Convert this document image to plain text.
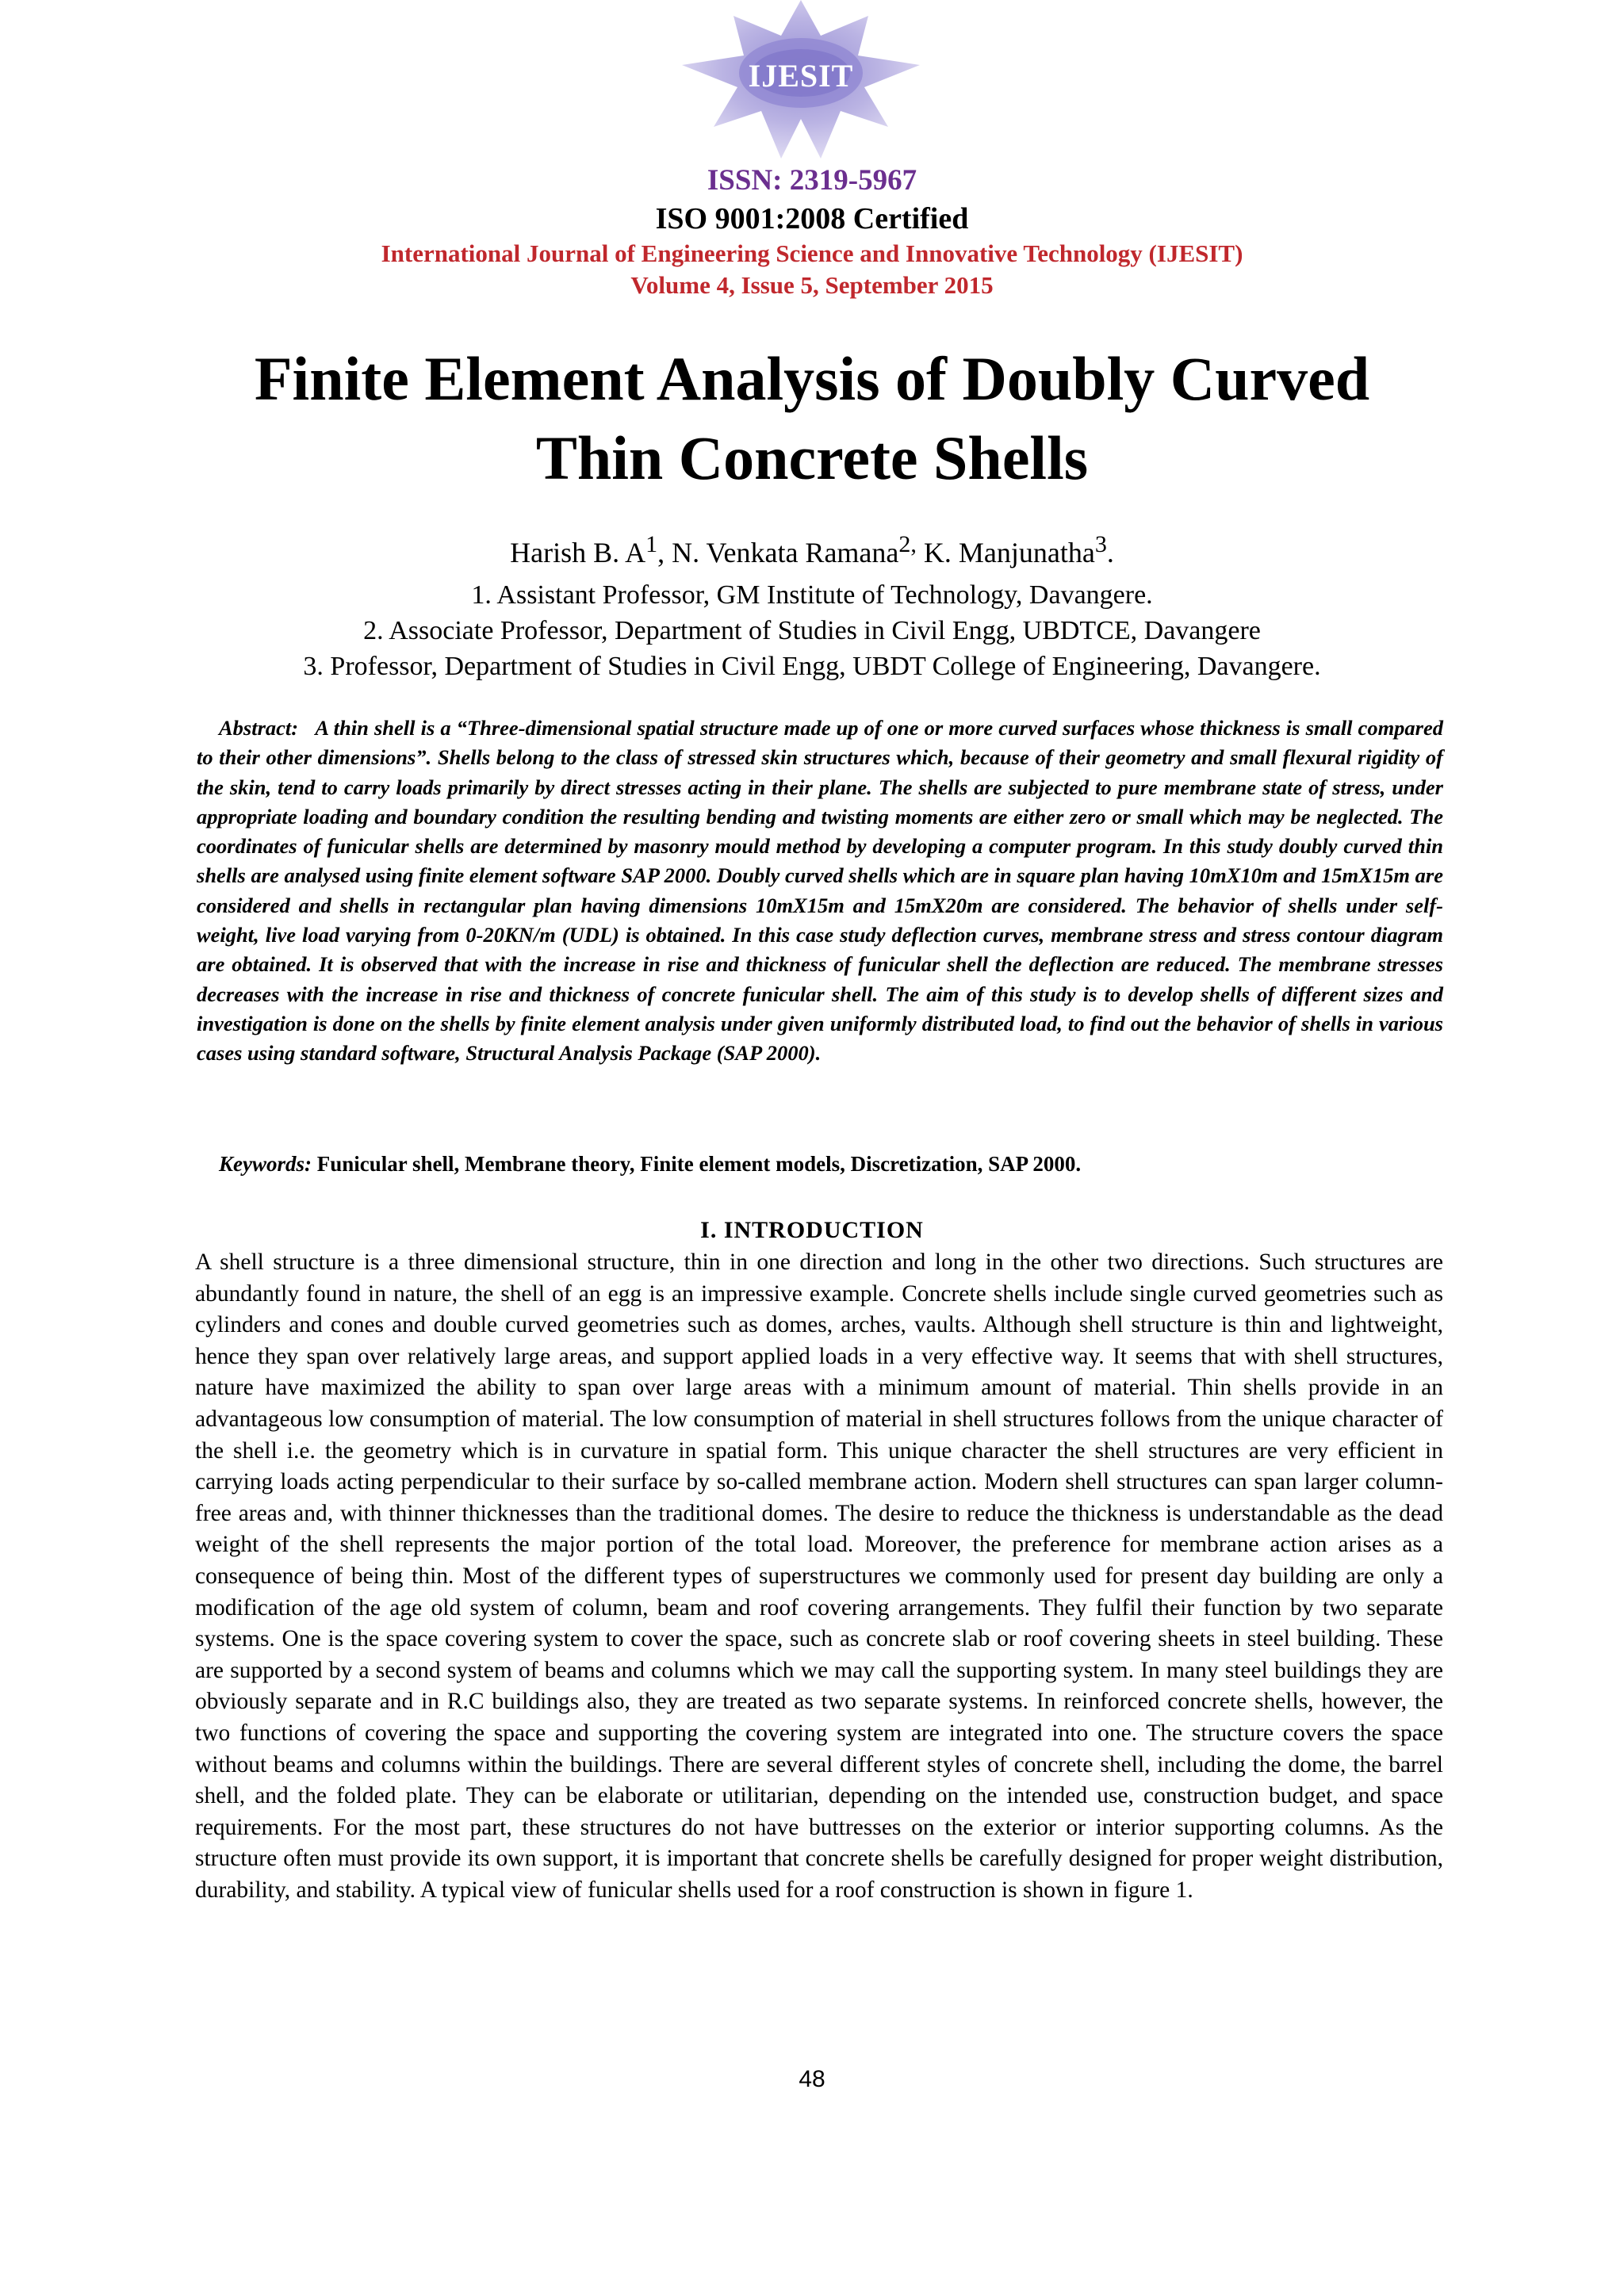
IJESIT
ISSN: 2319-5967
ISO 9001:2008 Certified
International Journal of Engineering Science and Innovative Technology (IJESIT)
Volume 4, Issue 5, September 2015
Finite Element Analysis of Doubly Curved
Thin Concrete Shells
Harish B. $A^1$, N. Venkata Ramana$^{2,}$ K. Manjunatha$^3$.
1. Assistant Professor, GM Institute of Technology, Davangere.
2. Associate Professor, Department of Studies in Civil Engg, UBDTCE, Davangere
3. Professor, Department of Studies in Civil Engg, UBDT College of Engineering, Davangere.
Abstract: A thin shell is a “Three-dimensional spatial structure made up of one or more curved surfaces whose thickness is small compared to their other dimensions”. Shells belong to the class of stressed skin structures which, because of their geometry and small flexural rigidity of the skin, tend to carry loads primarily by direct stresses acting in their plane. The shells are subjected to pure membrane state of stress, under appropriate loading and boundary condition the resulting bending and twisting moments are either zero or small which may be neglected. The coordinates of funicular shells are determined by masonry mould method by developing a computer program. In this study doubly curved thin shells are analysed using finite element software SAP 2000. Doubly curved shells which are in square plan having 10mX10m and 15mX15m are considered and shells in rectangular plan having dimensions 10mX15m and 15mX20m are considered. The behavior of shells under self-weight, live load varying from 0-20KN/m (UDL) is obtained. In this case study deflection curves, membrane stress and stress contour diagram are obtained. It is observed that with the increase in rise and thickness of funicular shell the deflection are reduced. The membrane stresses decreases with the increase in rise and thickness of concrete funicular shell. The aim of this study is to develop shells of different sizes and investigation is done on the shells by finite element analysis under given uniformly distributed load, to find out the behavior of shells in various cases using standard software, Structural Analysis Package (SAP 2000).
Keywords: Funicular shell, Membrane theory, Finite element models, Discretization, SAP 2000.
I. INTRODUCTION
A shell structure is a three dimensional structure, thin in one direction and long in the other two directions. Such structures are abundantly found in nature, the shell of an egg is an impressive example. Concrete shells include single curved geometries such as cylinders and cones and double curved geometries such as domes, arches, vaults. Although shell structure is thin and lightweight, hence they span over relatively large areas, and support applied loads in a very effective way. It seems that with shell structures, nature have maximized the ability to span over large areas with a minimum amount of material. Thin shells provide in an advantageous low consumption of material. The low consumption of material in shell structures follows from the unique character of the shell i.e. the geometry which is in curvature in spatial form. This unique character the shell structures are very efficient in carrying loads acting perpendicular to their surface by so-called membrane action. Modern shell structures can span larger column-free areas and, with thinner thicknesses than the traditional domes. The desire to reduce the thickness is understandable as the dead weight of the shell represents the major portion of the total load. Moreover, the preference for membrane action arises as a consequence of being thin. Most of the different types of superstructures we commonly used for present day building are only a modification of the age old system of column, beam and roof covering arrangements. They fulfil their function by two separate systems. One is the space covering system to cover the space, such as concrete slab or roof covering sheets in steel building. These are supported by a second system of beams and columns which we may call the supporting system. In many steel buildings they are obviously separate and in R.C buildings also, they are treated as two separate systems. In reinforced concrete shells, however, the two functions of covering the space and supporting the covering system are integrated into one. The structure covers the space without beams and columns within the buildings. There are several different styles of concrete shell, including the dome, the barrel shell, and the folded plate. They can be elaborate or utilitarian, depending on the intended use, construction budget, and space requirements. For the most part, these structures do not have buttresses on the exterior or interior supporting columns. As the structure often must provide its own support, it is important that concrete shells be carefully designed for proper weight distribution, durability, and stability. A typical view of funicular shells used for a roof construction is shown in figure 1.
48
